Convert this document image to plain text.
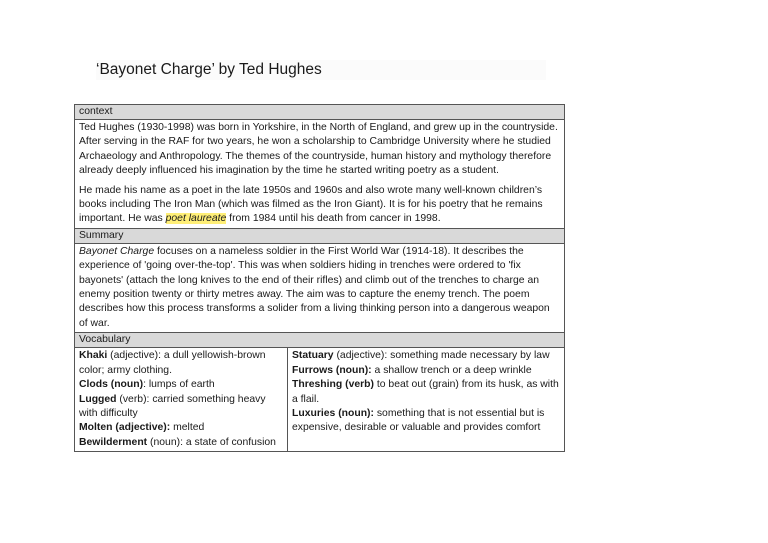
‘Bayonet Charge’ by Ted Hughes
context

Ted Hughes (1930-1998) was born in Yorkshire, in the North of England, and grew up in the countryside. After serving in the RAF for two years, he won a scholarship to Cambridge University where he studied Archaeology and Anthropology. The themes of the countryside, human history and mythology therefore already deeply influenced his imagination by the time he started writing poetry as a student.

He made his name as a poet in the late 1950s and 1960s and also wrote many well-known children’s books including The Iron Man (which was filmed as the Iron Giant). It is for his poetry that he remains important. He was poet laureate from 1984 until his death from cancer in 1998.

Summary
Bayonet Charge focuses on a nameless soldier in the First World War (1914-18). It describes the experience of 'going over-the-top'. This was when soldiers hiding in trenches were ordered to 'fix bayonets' (attach the long knives to the end of their rifles) and climb out of the trenches to charge an enemy position twenty or thirty metres away. The aim was to capture the enemy trench. The poem describes how this process transforms a solider from a living thinking person into a dangerous weapon of war.
Vocabulary

Khaki (adjective): a dull yellowish-brown color; army clothing.
Clods (noun): lumps of earth
Lugged (verb): carried something heavy with difficulty
Molten (adjective): melted
Bewilderment (noun): a state of confusion

Statuary (adjective): something made necessary by law
Furrows (noun): a shallow trench or a deep wrinkle
Threshing (verb) to beat out (grain) from its husk, as with a flail.
Luxuries (noun): something that is not essential but is expensive, desirable or valuable and provides comfort
